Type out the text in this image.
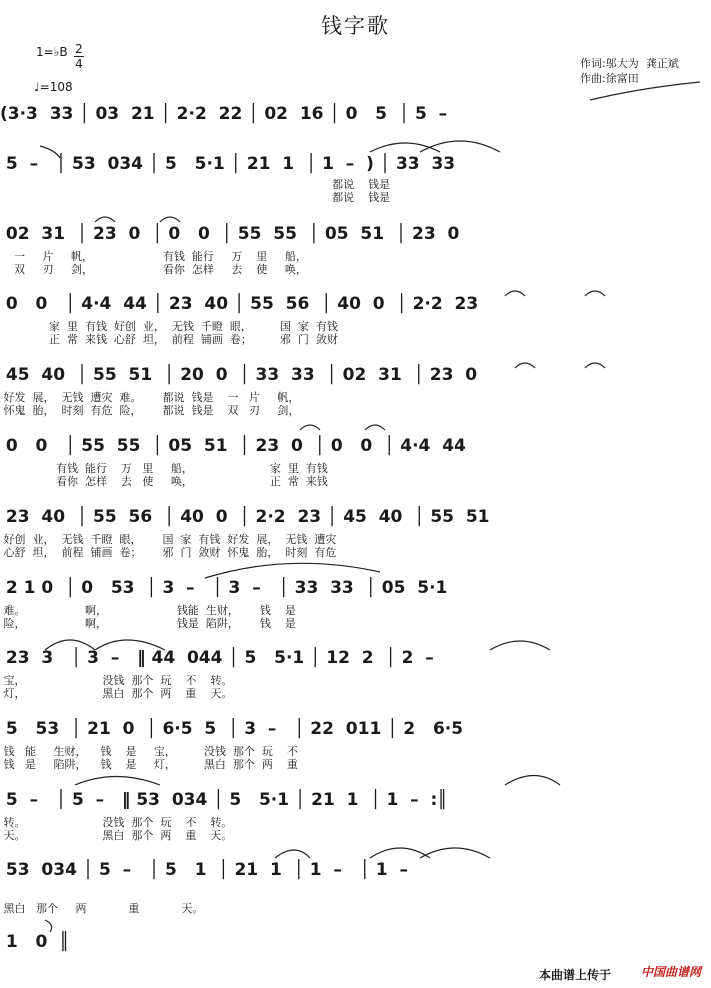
钱字歌
作词:邬大为  龚正斌
作曲:徐富田
1=♭B 2
4
♩=108
(3·3  33 │ 03  21 │ 2·2  22 │ 02  16 │ 0   5  │ 5  –
5  –   │ 53  034 │ 5   5·1 │ 21  1  │ 1  –  ) │ 33  33
都说    钱是
都说    钱是
02  31  │ 23  0  │ 0   0  │ 55  55  │ 05  51  │ 23  0
一     片     帆，                    有钱  能行     万    里     船，
双     刃     剑，                    看你  怎样     去    使     唤，
0   0   │ 4·4  44 │ 23  40 │ 55  56  │ 40  0  │ 2·2  23
家  里  有钱  好创  业，  无钱  千瞪  眼，        国  家  有钱
正  常  来钱  心舒  坦，  前程  铺画  卷；        邪  门  敛财
45  40  │ 55  51  │ 20  0  │ 33  33  │ 02  31  │ 23  0
好发  展，  无钱  遭灾  难。      都说  钱是    一   片     帆，
怀鬼  胎，  时刻  有危  险，      都说  钱是    双   刃     剑，
0   0   │ 55  55  │ 05  51  │ 23  0  │ 0   0  │ 4·4  44
有钱  能行    万   里     船，                      家  里  有钱
看你  怎样    去   使     唤，                      正  常  来钱
23  40  │ 55  56  │ 40  0  │ 2·2  23 │ 45  40  │ 55  51
好创  业，  无钱  千瞪  眼，      国  家  有钱  好发  展，  无钱  遭灾
心舒  坦，  前程  铺画  卷；      邪  门  敛财  怀鬼  胎，  时刻  有危
2 1 0  │ 0   53  │ 3  –   │ 3  –   │ 33  33  │ 05  5·1
难。                 啊，                    钱能  生财，      钱    是
险，                 啊，                    钱是  陷阱，      钱    是
23  3   │ 3  –   ‖ 44  044 │ 5   5·1 │ 12  2  │ 2  –
宝，                      没钱  那个  玩    不    转。
灯，                      黑白  那个  两    重    天。
5   53  │ 21  0  │ 6·5  5  │ 3  –   │ 22  011 │ 2   6·5
钱   能     生财，    钱    是     宝，        没钱  那个  玩    不
钱   是     陷阱，    钱    是     灯，        黑白  那个  两    重
5  –   │ 5  –   ‖ 53  034 │ 5   5·1 │ 21  1  │ 1  –  :║
转。                      没钱  那个  玩    不    转。
天。                      黑白  那个  两    重    天。
53  034 │ 5  –   │ 5   1  │ 21  1  │ 1  –   │ 1  –
黑白   那个     两            重            天。
1   0  ║
本曲谱上传于 中国曲谱网
